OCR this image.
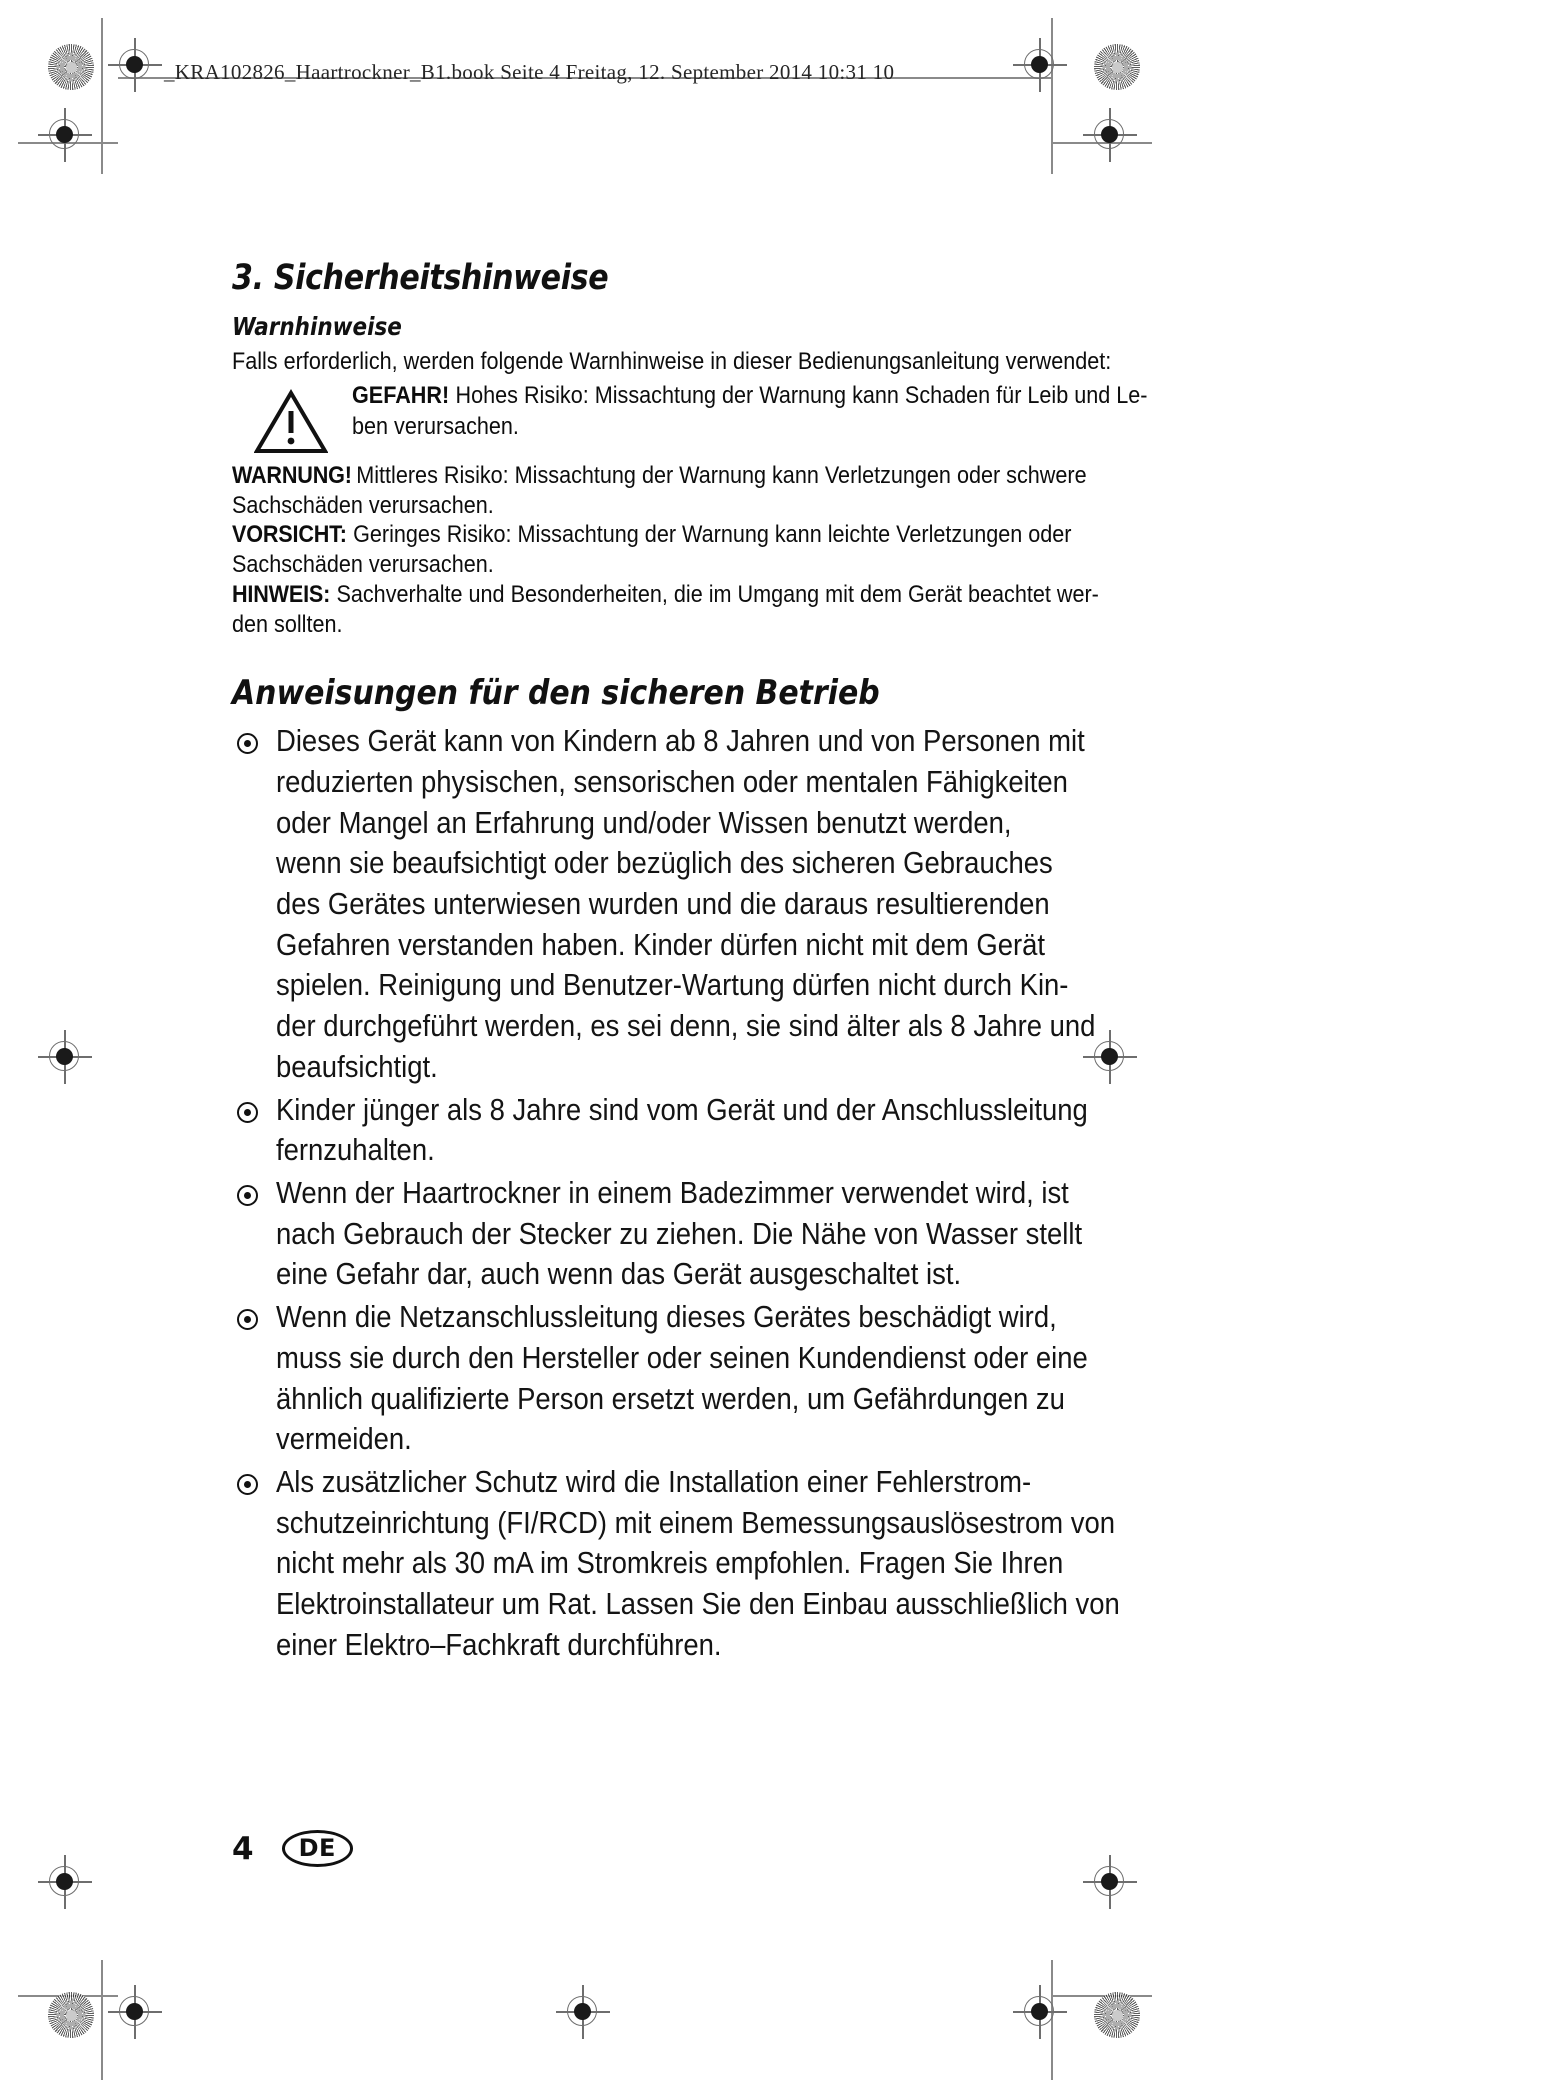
_KRA102826_Haartrockner_B1.book Seite 4 Freitag, 12. September 2014 10:31 10
3. Sicherheitshinweise
Warnhinweise

Falls erforderlich, werden folgende Warnhinweise in dieser Bedienungsanleitung verwendet:

GEFAHR! Hohes Risiko: Missachtung der Warnung kann Schaden für Leib und Le-
ben verursachen.

WARNUNG! Mittleres Risiko: Missachtung der Warnung kann Verletzungen oder schwere

Sachschäden verursachen.

VORSICHT: Geringes Risiko: Missachtung der Warnung kann leichte Verletzungen oder

Sachschäden verursachen.

HINWEIS: Sachverhalte und Besonderheiten, die im Umgang mit dem Gerät beachtet wer-

den sollten.

Anweisungen für den sicheren Betrieb
Dieses Gerät kann von Kindern ab 8 Jahren und von Personen mit
reduzierten physischen, sensorischen oder mentalen Fähigkeiten
oder Mangel an Erfahrung und/oder Wissen benutzt werden,
wenn sie beaufsichtigt oder bezüglich des sicheren Gebrauches
des Gerätes unterwiesen wurden und die daraus resultierenden
Gefahren verstanden haben. Kinder dürfen nicht mit dem Gerät
spielen. Reinigung und Benutzer-Wartung dürfen nicht durch Kin-
der durchgeführt werden, es sei denn, sie sind älter als 8 Jahre und
beaufsichtigt.
Kinder jünger als 8 Jahre sind vom Gerät und der Anschlussleitung
fernzuhalten.
Wenn der Haartrockner in einem Badezimmer verwendet wird, ist
nach Gebrauch der Stecker zu ziehen. Die Nähe von Wasser stellt
eine Gefahr dar, auch wenn das Gerät ausgeschaltet ist.
Wenn die Netzanschlussleitung dieses Gerätes beschädigt wird,
muss sie durch den Hersteller oder seinen Kundendienst oder eine
ähnlich qualifizierte Person ersetzt werden, um Gefährdungen zu
vermeiden.
Als zusätzlicher Schutz wird die Installation einer Fehlerstrom-
schutzeinrichtung (FI/RCD) mit einem Bemessungsauslösestrom von
nicht mehr als 30 mA im Stromkreis empfohlen. Fragen Sie Ihren
Elektroinstallateur um Rat. Lassen Sie den Einbau ausschließlich von
einer Elektro–Fachkraft durchführen.
4	DE
